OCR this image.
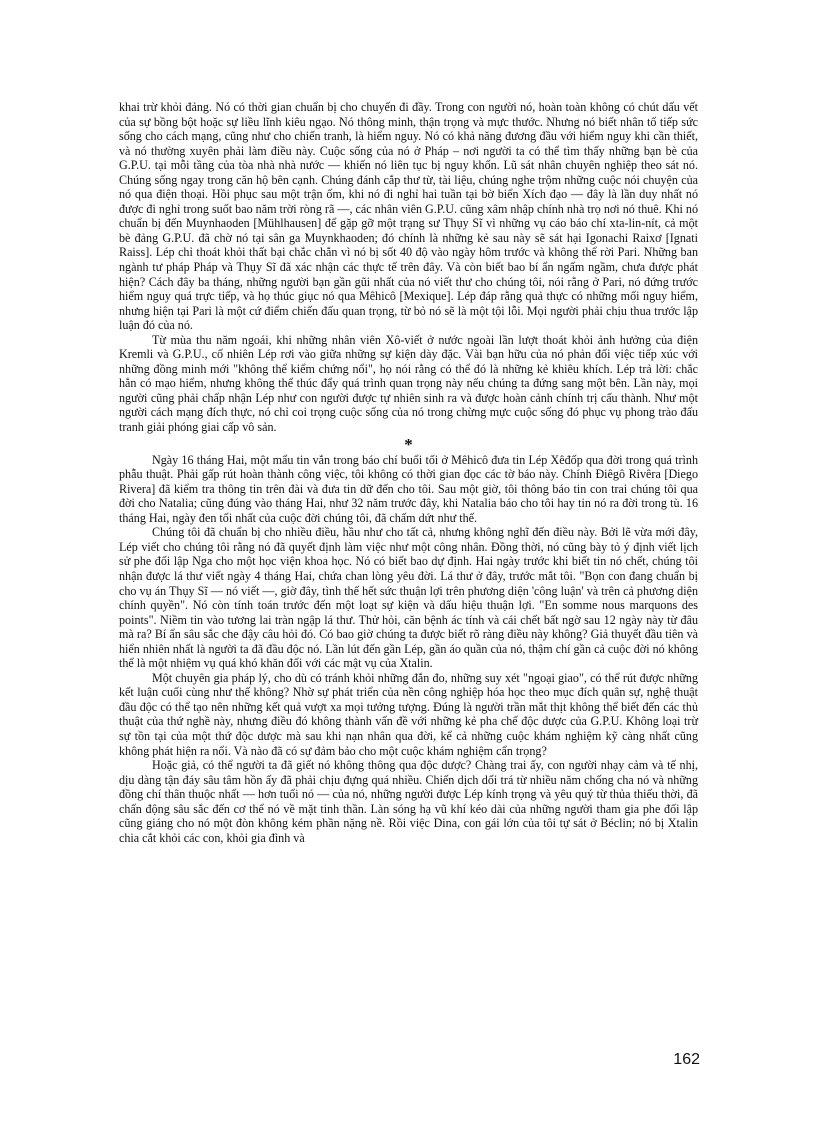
khai trừ khỏi đảng. Nó có thời gian chuẩn bị cho chuyến đi đầy. Trong con người nó, hoàn toàn không có chút dấu vết của sự bồng bột hoặc sự liều lĩnh kiêu ngạo. Nó thông minh, thận trọng và mực thước. Nhưng nó biết nhân tố tiếp sức sống cho cách mạng, cũng như cho chiến tranh, là hiểm nguy. Nó có khả năng đương đầu với hiểm nguy khi cần thiết, và nó thường xuyên phải làm điều này. Cuộc sống của nó ở Pháp – nơi người ta có thể tìm thấy những bạn bè của G.P.U. tại mỗi tầng của tòa nhà nhà nước — khiến nó liên tục bị nguy khốn. Lũ sát nhân chuyên nghiệp theo sát nó. Chúng sống ngay trong căn hộ bên cạnh. Chúng đánh cắp thư từ, tài liệu, chúng nghe trộm những cuộc nói chuyện của nó qua điện thoại. Hồi phục sau một trận ốm, khi nó đi nghỉ hai tuần tại bờ biển Xích đạo — đây là lần duy nhất nó được đi nghỉ trong suốt bao năm trời ròng rã —, các nhân viên G.P.U. cũng xâm nhập chính nhà trọ nơi nó thuê. Khi nó chuẩn bị đến Muynhaoden [Mühlhausen] để gặp gỡ một trạng sư Thụy Sĩ vì những vụ cáo báo chí xta-lin-nít, cả một bè đảng G.P.U. đã chờ nó tại sân ga Muynkhaoden; đó chính là những kẻ sau này sẽ sát hại Igonachi Raixơ [Ignati Raiss]. Lép chỉ thoát khỏi thất bại chắc chắn vì nó bị sốt 40 độ vào ngày hôm trước và không thể rời Pari. Những ban ngành tư pháp Pháp và Thụy Sĩ đã xác nhận các thực tế trên đây. Và còn biết bao bí ẩn ngấm ngầm, chưa được phát hiện? Cách đây ba tháng, những người bạn gần gũi nhất của nó viết thư cho chúng tôi, nói rằng ở Pari, nó đứng trước hiểm nguy quá trực tiếp, và họ thúc giục nó qua Mêhicô [Mexique]. Lép đáp rằng quả thực có những mối nguy hiểm, nhưng hiện tại Pari là một cứ điểm chiến đấu quan trọng, từ bỏ nó sẽ là một tội lỗi. Mọi người phải chịu thua trước lập luận đó của nó.

Từ mùa thu năm ngoái, khi những nhân viên Xô-viết ở nước ngoài lần lượt thoát khỏi ảnh hưởng của điện Kremli và G.P.U., cố nhiên Lép rơi vào giữa những sự kiện dày đặc. Vài bạn hữu của nó phản đối việc tiếp xúc với những đồng minh mới "không thể kiểm chứng nổi", họ nói rằng có thể đó là những kẻ khiêu khích. Lép trả lời: chắc hẳn có mạo hiểm, nhưng không thể thúc đẩy quá trình quan trọng này nếu chúng ta đứng sang một bên. Lần này, mọi người cũng phải chấp nhận Lép như con người được tự nhiên sinh ra và được hoàn cảnh chính trị cấu thành. Như một người cách mạng đích thực, nó chỉ coi trọng cuộc sống của nó trong chừng mực cuộc sống đó phục vụ phong trào đấu tranh giải phóng giai cấp vô sản.

*

Ngày 16 tháng Hai, một mẩu tin vắn trong báo chí buổi tối ở Mêhicô đưa tin Lép Xêđốp qua đời trong quá trình phẫu thuật. Phải gấp rút hoàn thành công việc, tôi không có thời gian đọc các tờ báo này. Chính Điêgô Rivêra [Diego Rivera] đã kiểm tra thông tin trên đài và đưa tin dữ đến cho tôi. Sau một giờ, tôi thông báo tin con trai chúng tôi qua đời cho Natalia; cũng đúng vào tháng Hai, như 32 năm trước đây, khi Natalia báo cho tôi hay tin nó ra đời trong tù. 16 tháng Hai, ngày đen tối nhất của cuộc đời chúng tôi, đã chấm dứt như thế.

Chúng tôi đã chuẩn bị cho nhiều điều, hầu như cho tất cả, nhưng không nghĩ đến điều này. Bởi lẽ vừa mới đây, Lép viết cho chúng tôi rằng nó đã quyết định làm việc như một công nhân. Đồng thời, nó cũng bày tỏ ý định viết lịch sử phe đối lập Nga cho một học viện khoa học. Nó có biết bao dự định. Hai ngày trước khi biết tin nó chết, chúng tôi nhận được lá thư viết ngày 4 tháng Hai, chứa chan lòng yêu đời. Lá thư ở đây, trước mắt tôi. "Bọn con đang chuẩn bị cho vụ án Thụy Sĩ — nó viết —, giờ đây, tình thế hết sức thuận lợi trên phương diện 'công luận' và trên cả phương diện chính quyền". Nó còn tính toán trước đến một loạt sự kiện và dấu hiệu thuận lợi. "En somme nous marquons des points". Niềm tin vào tương lai tràn ngập lá thư. Thử hỏi, căn bệnh ác tính và cái chết bất ngờ sau 12 ngày này từ đâu mà ra? Bí ẩn sâu sắc che đậy câu hỏi đó. Có bao giờ chúng ta được biết rõ ràng điều này không? Giả thuyết đầu tiên và hiển nhiên nhất là người ta đã đầu độc nó. Lần lút đến gần Lép, gần áo quần của nó, thậm chí gần cả cuộc đời nó không thể là một nhiệm vụ quá khó khăn đối với các mật vụ của Xtalin.

Một chuyên gia pháp lý, cho dù có tránh khỏi những đắn đo, những suy xét "ngoại giao", có thể rút được những kết luận cuối cùng như thế không? Nhờ sự phát triển của nền công nghiệp hóa học theo mục đích quân sự, nghệ thuật đầu độc có thể tạo nên những kết quả vượt xa mọi tưởng tượng. Đúng là người trần mắt thịt không thể biết đến các thủ thuật của thứ nghề này, nhưng điều đó không thành vấn đề với những kẻ pha chế độc dược của G.P.U. Không loại trừ sự tồn tại của một thứ độc dược mà sau khi nạn nhân qua đời, kể cả những cuộc khám nghiệm kỹ càng nhất cũng không phát hiện ra nổi. Và nào đã có sự đảm bảo cho một cuộc khám nghiệm cẩn trọng?

Hoặc giả, có thể người ta đã giết nó không thông qua độc dược? Chàng trai ấy, con người nhạy cảm và tế nhị, dịu dàng tận đáy sâu tâm hồn ấy đã phải chịu đựng quá nhiều. Chiến dịch dối trá từ nhiều năm chống cha nó và những đồng chí thân thuộc nhất — hơn tuổi nó — của nó, những người được Lép kính trọng và yêu quý từ thủa thiếu thời, đã chấn động sâu sắc đến cơ thể nó về mặt tinh thần. Làn sóng hạ vũ khí kéo dài của những người tham gia phe đối lập cũng giáng cho nó một đòn không kém phần nặng nề. Rồi việc Dina, con gái lớn của tôi tự sát ở Béclin; nó bị Xtalin chia cắt khỏi các con, khỏi gia đình và

162
